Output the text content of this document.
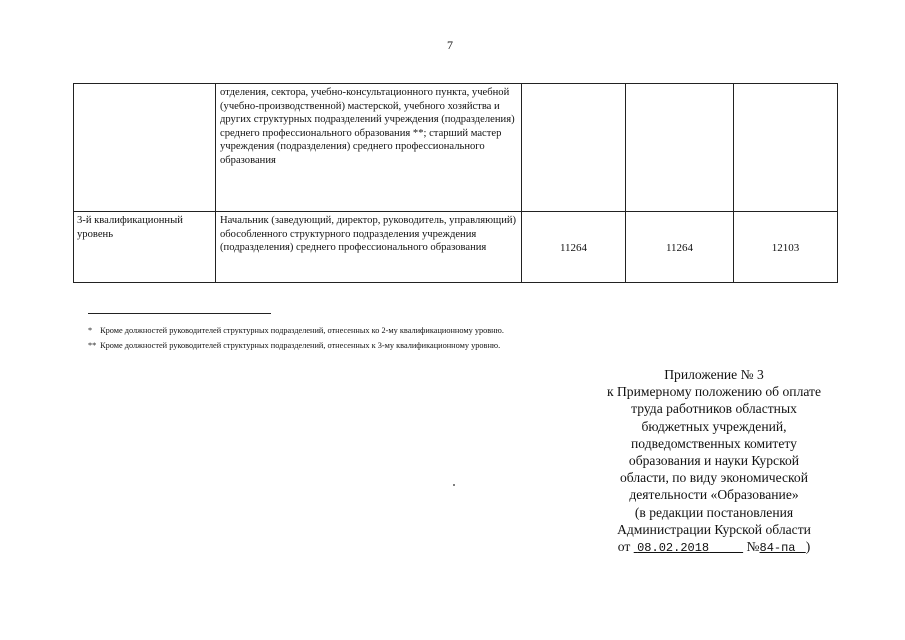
7
	отделения, сектора, учебно-консультационного пункта, учебной (учебно-производственной) мастерской, учебного хозяйства и других структурных подразделений учреждения (подразделения) среднего профессионального образования **; старший мастер учреждения (подразделения) среднего профессионального образования			
3-й квалификационный уровень	Начальник (заведующий, директор, руководитель, управляющий) обособленного структурного подразделения учреждения (подразделения) среднего профессионального образования	11264	11264	12103
* Кроме должностей руководителей структурных подразделений, отнесенных ко 2-му квалификационному уровню.
** Кроме должностей руководителей структурных подразделений, отнесенных к 3-му квалификационному уровню.
Приложение № 3
к Примерному положению об оплате
труда работников областных
бюджетных учреждений,
подведомственных комитету
образования и науки Курской
области, по виду экономической
деятельности «Образование»
(в редакции постановления
Администрации Курской области
от 08.02.2018	№84-па )
